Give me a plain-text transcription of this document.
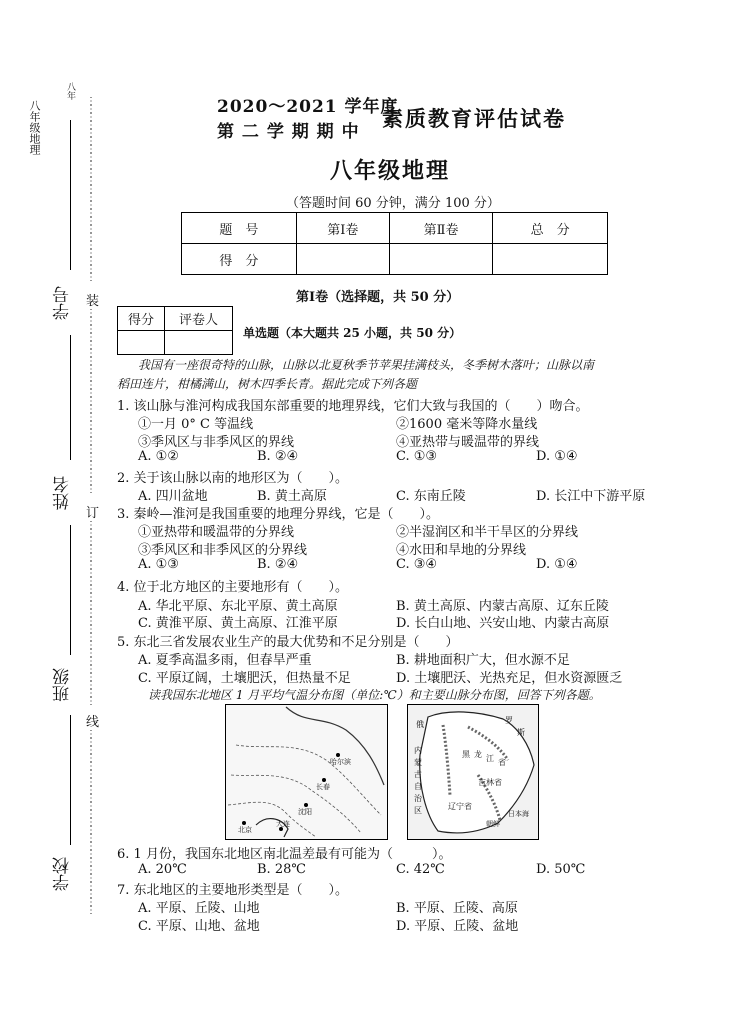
八年级地理
八年
学号
姓名
班级
学校
⋮⋮⋮⋮⋮⋮⋮⋮⋮⋮⋮⋮⋮⋮⋮⋮⋮⋮⋮⋮⋮⋮⋮
装
⋮⋮⋮⋮⋮⋮⋮⋮⋮⋮⋮⋮⋮⋮⋮⋮⋮⋮⋮⋮⋮⋮⋮
订
⋮⋮⋮⋮⋮⋮⋮⋮⋮⋮⋮⋮⋮⋮⋮⋮⋮⋮⋮⋮⋮⋮⋮
线
⋮⋮⋮⋮⋮⋮⋮⋮⋮⋮⋮⋮⋮⋮⋮⋮⋮⋮⋮⋮⋮⋮⋮
2020～2021 学年度
第 二 学 期 期 中
素质教育评估试卷
八年级地理
（答题时间 60 分钟，满分 100 分）
题　号	第Ⅰ卷	第Ⅱ卷	总　分
得　分			
第Ⅰ卷（选择题，共 50 分）
得分	评卷人

单选题（本大题共 25 小题，共 50 分）
我国有一座很奇特的山脉，山脉以北夏秋季节苹果挂满枝头，冬季树木落叶；山脉以南
稻田连片，柑橘满山，树木四季长青。据此完成下列各题
1. 该山脉与淮河构成我国东部重要的地理界线，它们大致与我国的（　　）吻合。
①一月 0° C 等温线	②1600 毫米等降水量线
③季风区与非季风区的界线	④亚热带与暖温带的界线
A. ①②	B. ②④	C. ①③	D. ①④
2. 关于该山脉以南的地形区为（　　）。
A. 四川盆地	B. 黄土高原	C. 东南丘陵	D. 长江中下游平原
3. 秦岭—淮河是我国重要的地理分界线，它是（　　）。
①亚热带和暖温带的分界线	②半湿润区和半干旱区的分界线
③季风区和非季风区的分界线	④水田和旱地的分界线
A. ①③	B. ②④	C. ③④	D. ①④
4. 位于北方地区的主要地形有（　　）。
A. 华北平原、东北平原、黄土高原	B. 黄土高原、内蒙古高原、辽东丘陵
C. 黄淮平原、黄土高原、江淮平原	D. 长白山地、兴安山地、内蒙古高原
5. 东北三省发展农业生产的最大优势和不足分别是（　　）
A. 夏季高温多雨，但春旱严重	B. 耕地面积广大，但水源不足
C. 平原辽阔，土壤肥沃，但热量不足	D. 土壤肥沃、光热充足，但水资源匮乏
读我国东北地区 1 月平均气温分布图（单位:℃）和主要山脉分布图，回答下列各题。
哈尔滨
沈阳
长春
大连
北京
俄	罗
斯
内
蒙
古
自
治
区
黑 龙 江 省
吉林省
辽宁省
朝鲜
日本海
6. 1 月份，我国东北地区南北温差最有可能为（　　　）。
A. 20℃	B. 28℃	C. 42℃	D. 50℃
7. 东北地区的主要地形类型是（　　）。
A. 平原、丘陵、山地	B. 平原、丘陵、高原
C. 平原、山地、盆地	D. 平原、丘陵、盆地
